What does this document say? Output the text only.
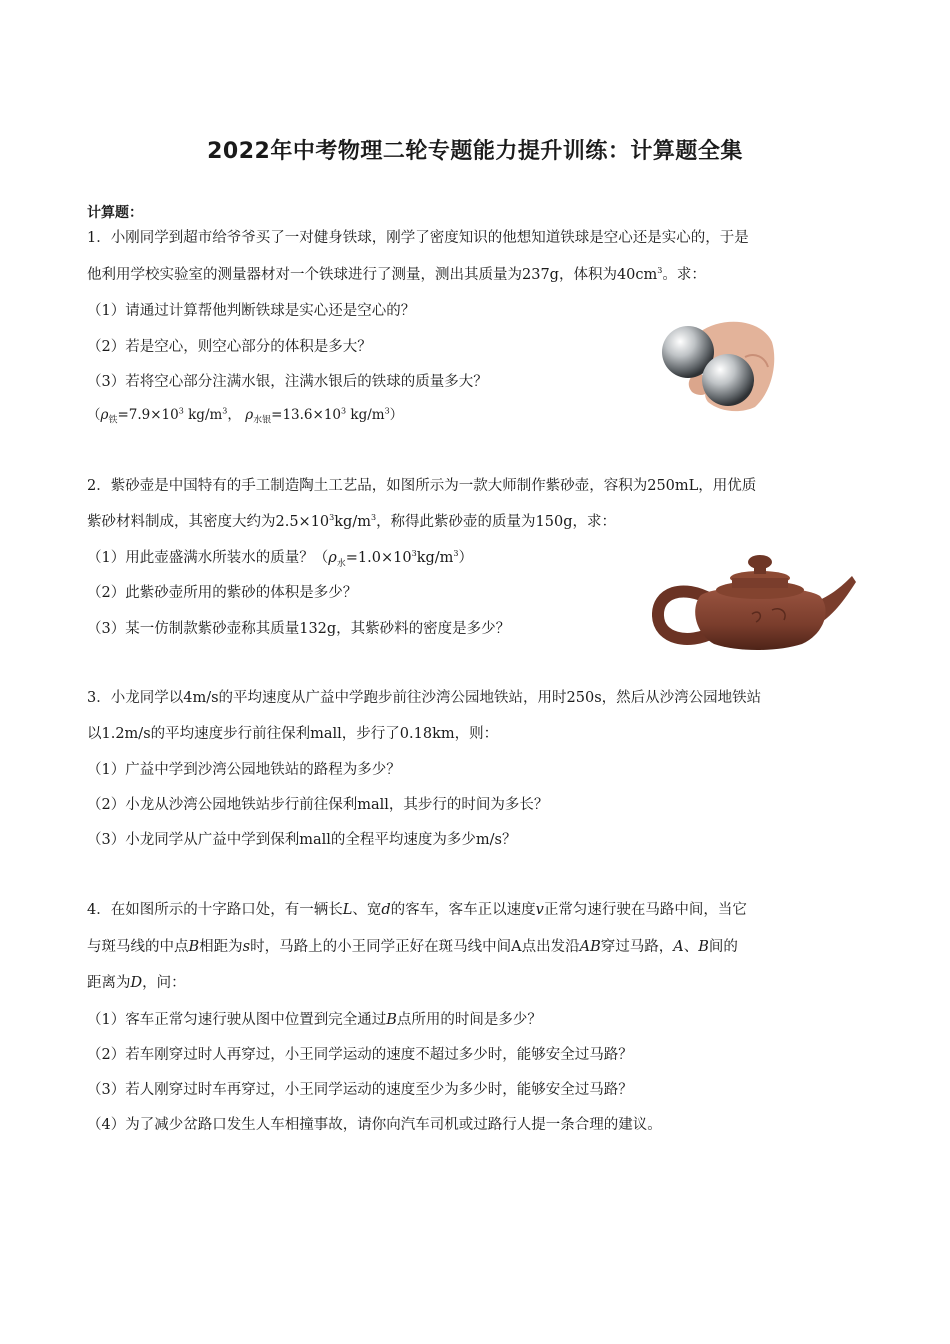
2022年中考物理二轮专题能力提升训练：计算题全集
计算题：
1．小刚同学到超市给爷爷买了一对健身铁球，刚学了密度知识的他想知道铁球是空心还是实心的，于是
他利用学校实验室的测量器材对一个铁球进行了测量，测出其质量为237g，体积为$40cm^3$。求：
（1）请通过计算帮他判断铁球是实心还是空心的？
（2）若是空心，则空心部分的体积是多大？
（3）若将空心部分注满水银，注满水银后的铁球的质量多大？
（$\rho_铁=7.9\times 10^3$ $kg/m^3$， $\rho_{水银}=13.6\times 10^3$ $kg/m^3$）
2．紫砂壶是中国特有的手工制造陶土工艺品，如图所示为一款大师制作紫砂壶，容积为250mL，用优质
紫砂材料制成，其密度大约为$2.5\times 10^3kg/m^3$，称得此紫砂壶的质量为150g，求：
（1）用此壶盛满水所装水的质量？$(\rho_水=1.0\times 10^3kg/m^3)$
（2）此紫砂壶所用的紫砂的体积是多少？
（3）某一仿制款紫砂壶称其质量132g，其紫砂料的密度是多少？
3．小龙同学以4m/s的平均速度从广益中学跑步前往沙湾公园地铁站，用时250s，然后从沙湾公园地铁站
以1.2m/s的平均速度步行前往保利mall，步行了0.18km，则：
（1）广益中学到沙湾公园地铁站的路程为多少？
（2）小龙从沙湾公园地铁站步行前往保利mall，其步行的时间为多长？
（3）小龙同学从广益中学到保利mall的全程平均速度为多少m/s？
4．在如图所示的十字路口处，有一辆长L、宽d的客车，客车正以速度v正常匀速行驶在马路中间，当它
与斑马线的中点B相距为s时，马路上的小王同学正好在斑马线中间A点出发沿AB穿过马路，A、B间的
距离为D，问：
（1）客车正常匀速行驶从图中位置到完全通过B点所用的时间是多少？
（2）若车刚穿过时人再穿过，小王同学运动的速度不超过多少时，能够安全过马路？
（3）若人刚穿过时车再穿过，小王同学运动的速度至少为多少时，能够安全过马路？
（4）为了减少岔路口发生人车相撞事故，请你向汽车司机或过路行人提一条合理的建议。
